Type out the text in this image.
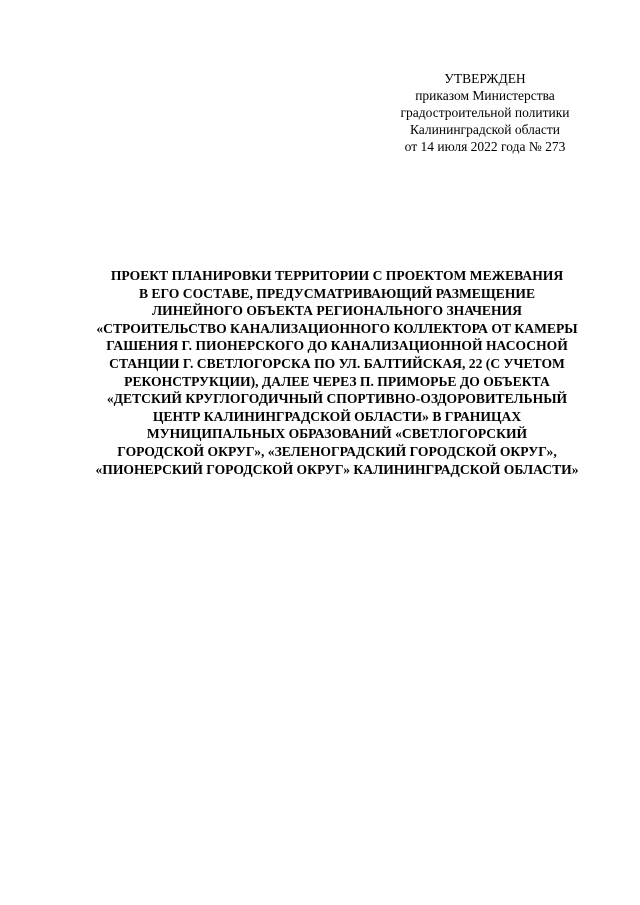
УТВЕРЖДЕН
приказом Министерства
градостроительной политики
Калининградской области
от 14 июля 2022 года № 273
ПРОЕКТ ПЛАНИРОВКИ ТЕРРИТОРИИ С ПРОЕКТОМ МЕЖЕВАНИЯ
В ЕГО СОСТАВЕ, ПРЕДУСМАТРИВАЮЩИЙ РАЗМЕЩЕНИЕ
ЛИНЕЙНОГО ОБЪЕКТА РЕГИОНАЛЬНОГО ЗНАЧЕНИЯ
«СТРОИТЕЛЬСТВО КАНАЛИЗАЦИОННОГО КОЛЛЕКТОРА ОТ КАМЕРЫ
ГАШЕНИЯ Г. ПИОНЕРСКОГО ДО КАНАЛИЗАЦИОННОЙ НАСОСНОЙ
СТАНЦИИ Г. СВЕТЛОГОРСКА ПО УЛ. БАЛТИЙСКАЯ, 22 (С УЧЕТОМ
РЕКОНСТРУКЦИИ), ДАЛЕЕ ЧЕРЕЗ П. ПРИМОРЬЕ ДО ОБЪЕКТА
«ДЕТСКИЙ КРУГЛОГОДИЧНЫЙ СПОРТИВНО-ОЗДОРОВИТЕЛЬНЫЙ
ЦЕНТР КАЛИНИНГРАДСКОЙ ОБЛАСТИ» В ГРАНИЦАХ
МУНИЦИПАЛЬНЫХ ОБРАЗОВАНИЙ «СВЕТЛОГОРСКИЙ
ГОРОДСКОЙ ОКРУГ», «ЗЕЛЕНОГРАДСКИЙ ГОРОДСКОЙ ОКРУГ»,
«ПИОНЕРСКИЙ ГОРОДСКОЙ ОКРУГ» КАЛИНИНГРАДСКОЙ ОБЛАСТИ»
